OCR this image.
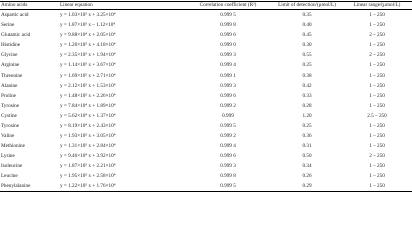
Amino acids	Linear equation	Correlation coefficient (R²)	Limit of detection/(μmol/L)	Linear range/(μmol/L)
Aspartic acid	y = 1.03×10⁵ x + 3.25×10⁴	0.999 5	0.35	1 – 250
Serine	y = 1.87×10⁵ x – 1.12×10⁴	0.999 8	0.40	1 – 250
Glutamic acid	y = 9.88×10⁴ x + 2.05×10⁴	0.999 6	0.45	2 – 250
Histidine	y = 1.26×10⁵ x + 4.18×10⁴	0.999 0	0.30	1 – 250
Glycine	y = 2.35×10⁵ x + 1.94×10⁴	0.999 3	0.55	2 – 250
Arginine	y = 1.14×10⁵ x + 3.67×10⁴	0.999 4	0.25	1 – 250
Threonine	y = 1.69×10⁵ x + 2.71×10⁴	0.999 1	0.38	1 – 250
Alanine	y = 2.12×10⁵ x + 1.53×10⁴	0.999 3	0.42	1 – 250
Proline	y = 1.48×10⁵ x + 2.26×10⁴	0.999 6	0.33	1 – 250
Tyrosine	y = 7.84×10⁴ x + 1.89×10⁴	0.999 2	0.28	1 – 250
Cystine	y = 5.62×10⁴ x + 1.37×10⁴	0.999	1.20	2.5 – 250
Tyrosine	y = 8.19×10⁴ x + 2.43×10⁴	0.999 5	0.25	1 – 250
Valine	y = 1.93×10⁵ x + 3.05×10⁴	0.999 2	0.36	1 – 250
Methionine	y = 1.31×10⁵ x + 2.84×10⁴	0.999 4	0.31	1 – 250
Lysine	y = 9.46×10⁴ x + 3.92×10⁴	0.999 6	0.50	2 – 250
Isoleucine	y = 1.87×10⁵ x + 2.21×10⁴	0.999 3	0.34	1 – 250
Leucine	y = 1.95×10⁵ x + 2.58×10⁴	0.999 8	0.26	1 – 250
Phenylalanine	y = 1.22×10⁵ x + 1.76×10⁴	0.999 5	0.29	1 – 250
